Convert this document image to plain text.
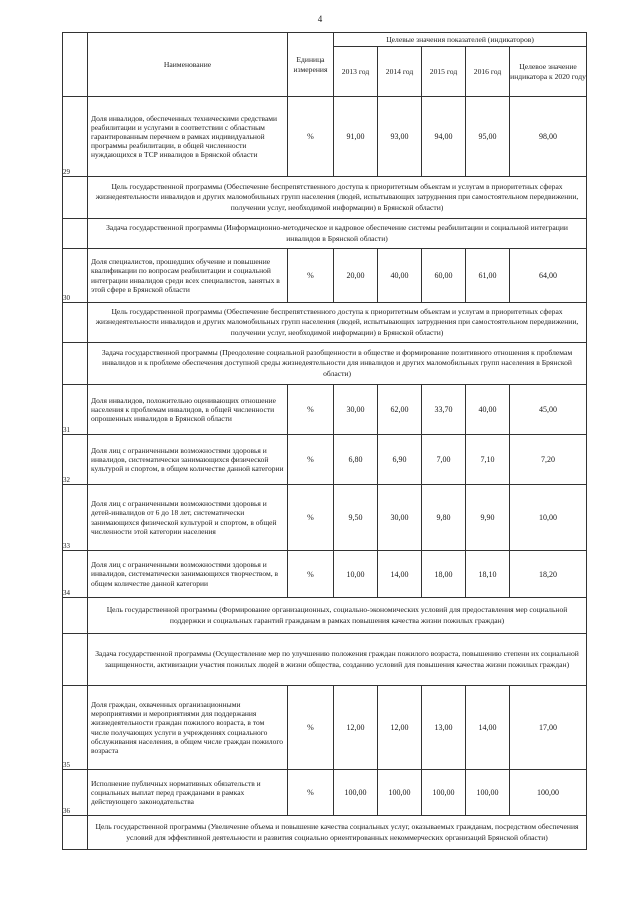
4
	Наименование	Единица измерения	Целевые значения показателей (индикаторов)				
			2013 год	2014 год	2015 год	2016 год	Целевое значение индикатора к 2020 году

29	Доля инвалидов, обеспеченных техническими средствами реабилитации и услугами в соответствии с областным гарантированным перечнем в рамках индивидуальной программы реабилитации, в общей численности нуждающихся в ТСР инвалидов в Брянской области	%	91,00	93,00	94,00	95,00	98,00
	Цель государственной программы (Обеспечение беспрепятственного доступа к приоритетным объектам и услугам в приоритетных сферах жизнедеятельности инвалидов и других маломобильных групп населения (людей, испытывающих затруднения при самостоятельном передвижении, получении услуг, необходимой информации) в Брянской области)						
	Задача государственной программы (Информационно-методическое и кадровое обеспечение системы реабилитации и социальной интеграции инвалидов в Брянской области)						

30	Доля специалистов, прошедших обучение и повышение квалификации по вопросам реабилитации и социальной интеграции инвалидов среди всех специалистов, занятых в этой сфере в Брянской области	%	20,00	40,00	60,00	61,00	64,00
	Цель государственной программы (Обеспечение беспрепятственного доступа к приоритетным объектам и услугам в приоритетных сферах жизнедеятельности инвалидов и других маломобильных групп населения (людей, испытывающих затруднения при самостоятельном передвижении, получении услуг, необходимой информации) в Брянской области)						
	Задача государственной программы (Преодоление социальной разобщенности в обществе и формирование позитивного отношения к проблемам инвалидов и к проблеме обеспечения доступной среды жизнедеятельности для инвалидов и других маломобильных групп населения в Брянской области)						

31	Доля инвалидов, положительно оценивающих отношение населения к проблемам инвалидов, в общей численности опрошенных инвалидов в Брянской области	%	30,00	62,00	33,70	40,00	45,00

32	Доля лиц с ограниченными возможностями здоровья и инвалидов, систематически занимающихся физической культурой и спортом, в общем количестве данной категории	%	6,80	6,90	7,00	7,10	7,20

33	Доля лиц с ограниченными возможностями здоровья и детей-инвалидов от 6 до 18 лет, систематически занимающихся физической культурой и спортом, в общей численности этой категории населения	%	9,50	30,00	9,80	9,90	10,00

34	Доля лиц с ограниченными возможностями здоровья и инвалидов, систематически занимающихся творчеством, в общем количестве данной категории	%	10,00	14,00	18,00	18,10	18,20
	Цель государственной программы (Формирование организационных, социально-экономических условий для предоставления мер социальной поддержки и социальных гарантий гражданам в рамках повышения качества жизни пожилых граждан)						
	Задача государственной программы (Осуществление мер по улучшению положения граждан пожилого возраста, повышению степени их социальной защищенности, активизации участия пожилых людей в жизни общества, созданию условий для повышения качества жизни пожилых граждан)						

35	Доля граждан, охваченных организационными мероприятиями и мероприятиями для поддержания жизнедеятельности граждан пожилого возраста, в том числе получающих услуги в учреждениях социального обслуживания населения, в общем числе граждан пожилого возраста	%	12,00	12,00	13,00	14,00	17,00

36	Исполнение публичных нормативных обязательств и социальных выплат перед гражданами в рамках действующего законодательства	%	100,00	100,00	100,00	100,00	100,00
	Цель государственной программы (Увеличение объема и повышение качества социальных услуг, оказываемых гражданам, посредством обеспечения условий для эффективной деятельности и развития социально ориентированных некоммерческих организаций Брянской области)						
